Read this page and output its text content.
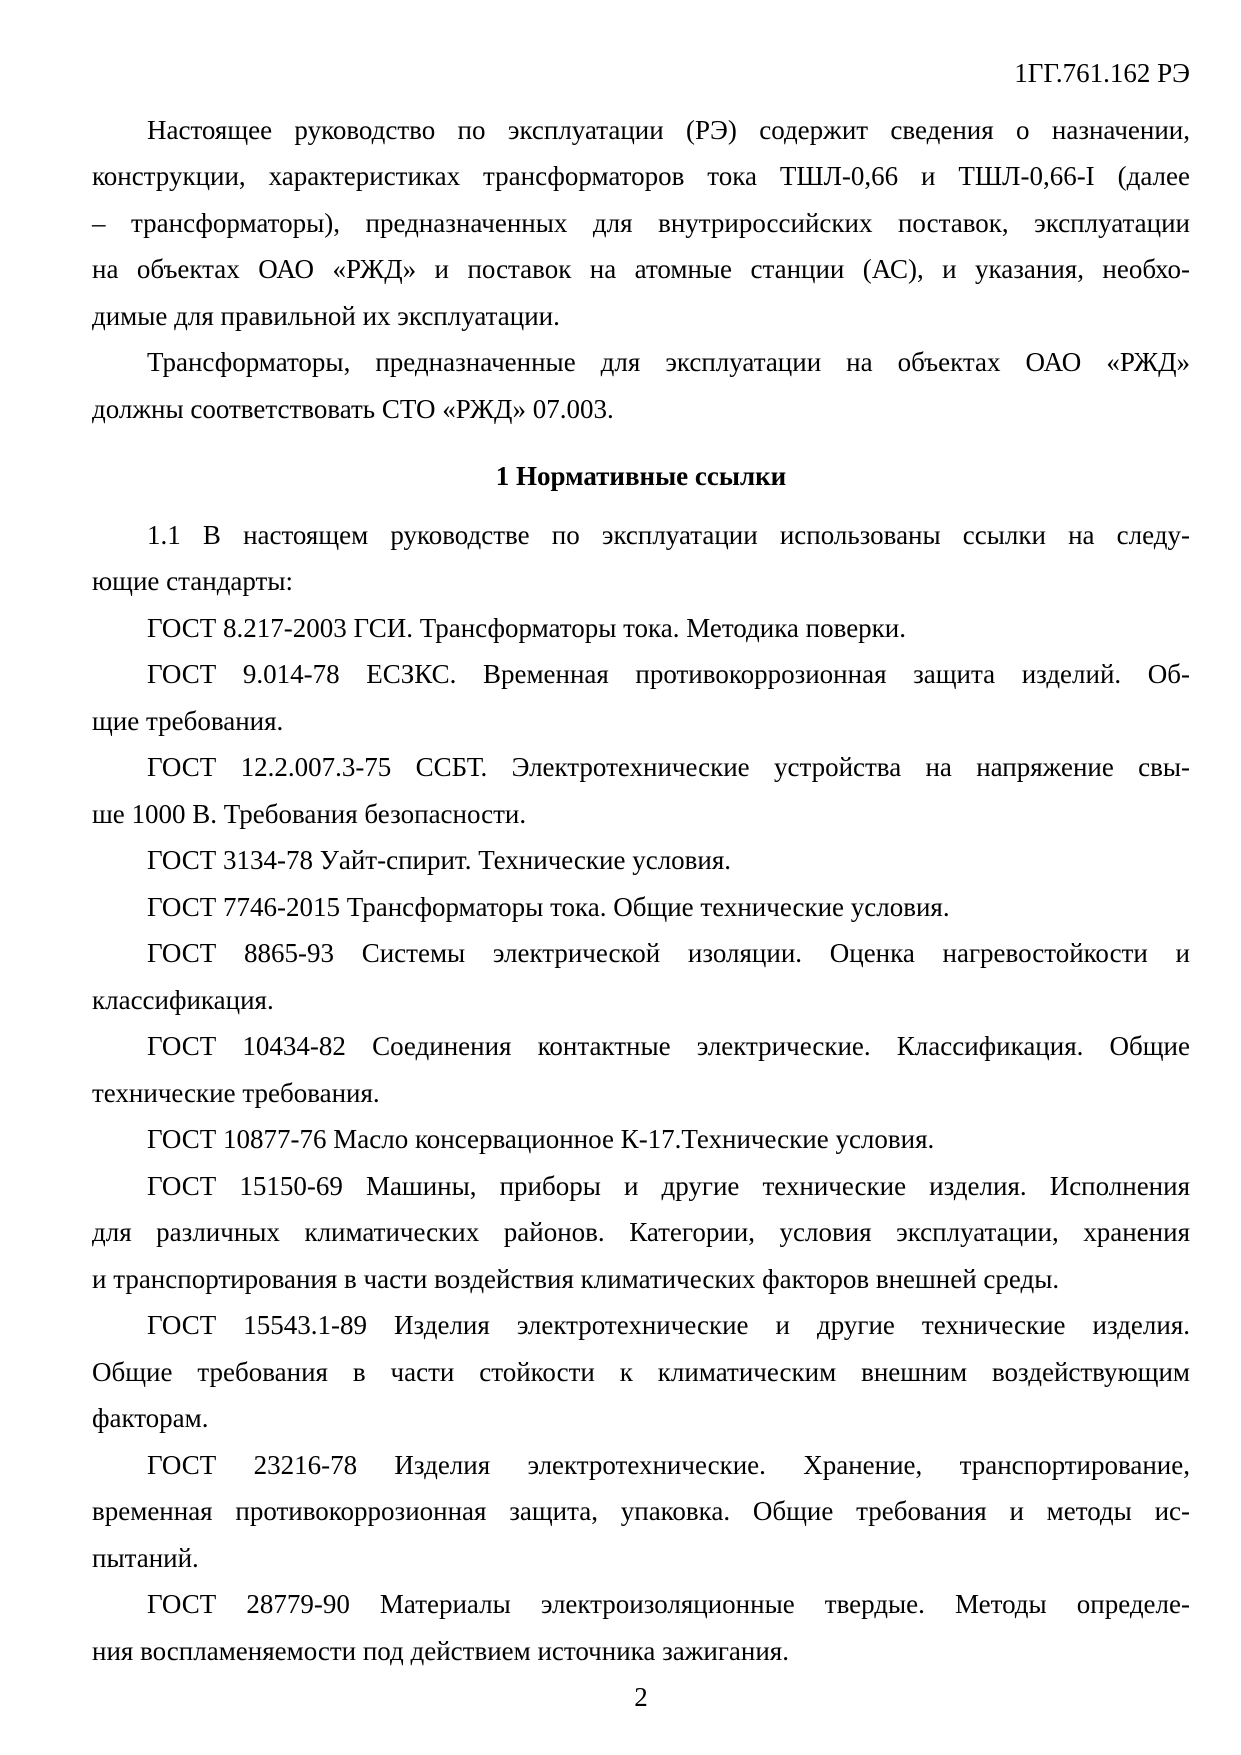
1ГГ.761.162 РЭ
Настоящее руководство по эксплуатации (РЭ) содержит сведения о назначении,
конструкции, характеристиках трансформаторов тока ТШЛ-0,66 и ТШЛ-0,66-I (далее
– трансформаторы), предназначенных для внутрироссийских поставок, эксплуатации
на объектах ОАО «РЖД» и поставок на атомные станции (АС), и указания, необхо-
димые для правильной их эксплуатации.
Трансформаторы, предназначенные для эксплуатации на объектах ОАО «РЖД»
должны соответствовать СТО «РЖД» 07.003.
1 Нормативные ссылки
1.1 В настоящем руководстве по эксплуатации использованы ссылки на следу-
ющие стандарты:
ГОСТ 8.217-2003 ГСИ. Трансформаторы тока. Методика поверки.
ГОСТ 9.014-78 ЕСЗКС. Временная противокоррозионная защита изделий. Об-
щие требования.
ГОСТ 12.2.007.3-75 ССБТ. Электротехнические устройства на напряжение свы-
ше 1000 В. Требования безопасности.
ГОСТ 3134-78 Уайт-спирит. Технические условия.
ГОСТ 7746-2015 Трансформаторы тока. Общие технические условия.
ГОСТ 8865-93 Системы электрической изоляции. Оценка нагревостойкости и
классификация.
ГОСТ 10434-82 Соединения контактные электрические. Классификация. Общие
технические требования.
ГОСТ 10877-76 Масло консервационное К-17.Технические условия.
ГОСТ 15150-69 Машины, приборы и другие технические изделия. Исполнения
для различных климатических районов. Категории, условия эксплуатации, хранения
и транспортирования в части воздействия климатических факторов внешней среды.
ГОСТ 15543.1-89 Изделия электротехнические и другие технические изделия.
Общие требования в части стойкости к климатическим внешним воздействующим
факторам.
ГОСТ 23216-78 Изделия электротехнические. Хранение, транспортирование,
временная противокоррозионная защита, упаковка. Общие требования и методы ис-
пытаний.
ГОСТ 28779-90 Материалы электроизоляционные твердые. Методы определе-
ния воспламеняемости под действием источника зажигания.
2
